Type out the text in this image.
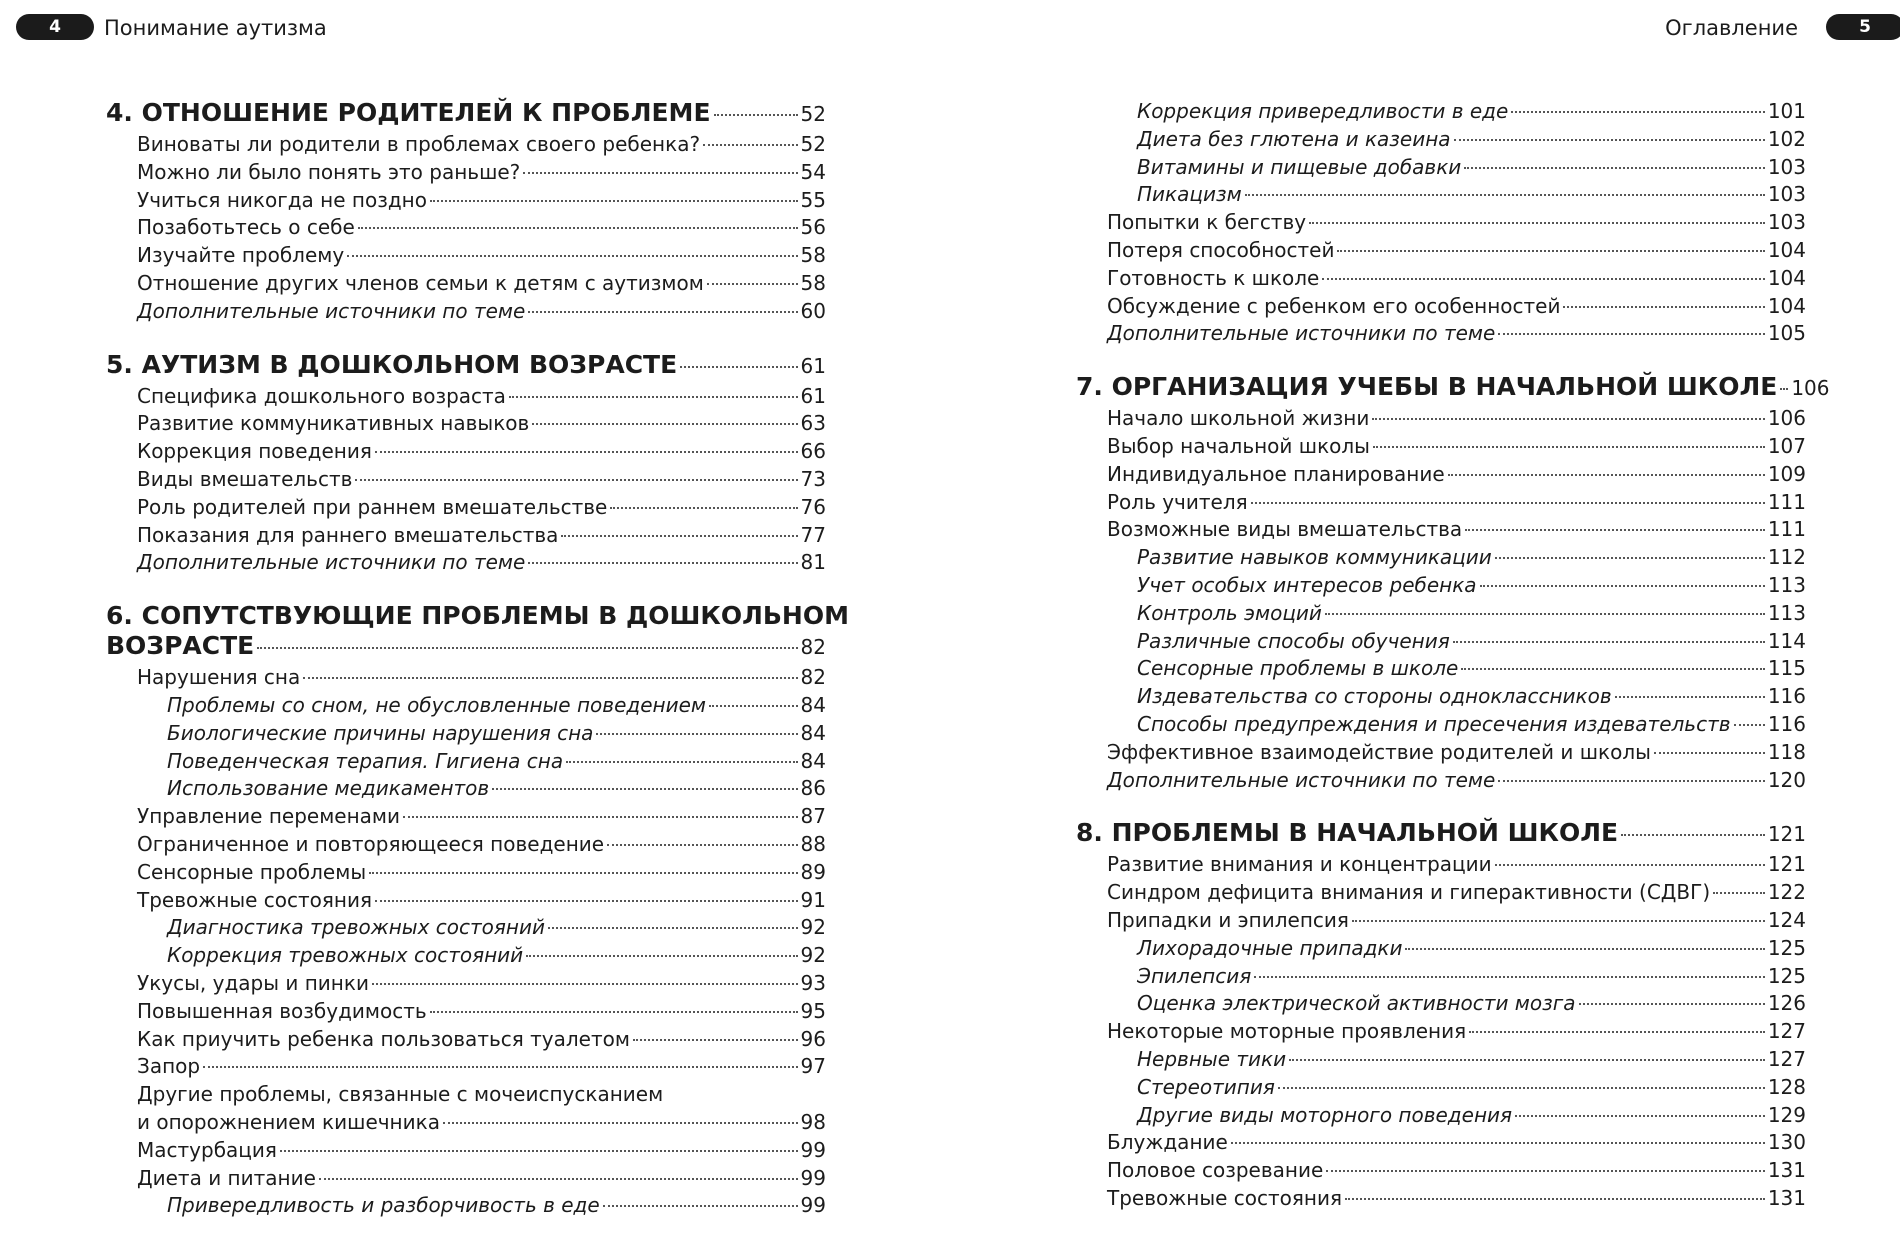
4	Понимание аутизма	Оглавление	5
4. ОТНОШЕНИЕ РОДИТЕЛЕЙ К ПРОБЛЕМЕ	52
Виноваты ли родители в проблемах своего ребенка?	52
Можно ли было понять это раньше?	54
Учиться никогда не поздно	55
Позаботьтесь о себе	56
Изучайте проблему	58
Отношение других членов семьи к детям с аутизмом	58
Дополнительные источники по теме	60
5. АУТИЗМ В ДОШКОЛЬНОМ ВОЗРАСТЕ	61
Специфика дошкольного возраста	61
Развитие коммуникативных навыков	63
Коррекция поведения	66
Виды вмешательств	73
Роль родителей при раннем вмешательстве	76
Показания для раннего вмешательства	77
Дополнительные источники по теме	81
6. СОПУТСТВУЮЩИЕ ПРОБЛЕМЫ В ДОШКОЛЬНОМ
ВОЗРАСТЕ	82
Нарушения сна	82
Проблемы со сном, не обусловленные поведением	84
Биологические причины нарушения сна	84
Поведенческая терапия. Гигиена сна	84
Использование медикаментов	86
Управление переменами	87
Ограниченное и повторяющееся поведение	88
Сенсорные проблемы	89
Тревожные состояния	91
Диагностика тревожных состояний	92
Коррекция тревожных состояний	92
Укусы, удары и пинки	93
Повышенная возбудимость	95
Как приучить ребенка пользоваться туалетом	96
Запор	97
Другие проблемы, связанные с мочеиспусканием
и опорожнением кишечника	98
Мастурбация	99
Диета и питание	99
Привередливость и разборчивость в еде	99
Коррекция привередливости в еде	101
Диета без глютена и казеина	102
Витамины и пищевые добавки	103
Пикацизм	103
Попытки к бегству	103
Потеря способностей	104
Готовность к школе	104
Обсуждение с ребенком его особенностей	104
Дополнительные источники по теме	105
7. ОРГАНИЗАЦИЯ УЧЕБЫ В НАЧАЛЬНОЙ ШКОЛЕ 106
Начало школьной жизни	106
Выбор начальной школы	107
Индивидуальное планирование	109
Роль учителя	111
Возможные виды вмешательства	111
Развитие навыков коммуникации	112
Учет особых интересов ребенка	113
Контроль эмоций	113
Различные способы обучения	114
Сенсорные проблемы в школе	115
Издевательства со стороны одноклассников	116
Способы предупреждения и пресечения издевательств 116
Эффективное взаимодействие родителей и школы	118
Дополнительные источники по теме	120
8. ПРОБЛЕМЫ В НАЧАЛЬНОЙ ШКОЛЕ	121
Развитие внимания и концентрации	121
Синдром дефицита внимания и гиперактивности (СДВГ)	122
Припадки и эпилепсия	124
Лихорадочные припадки	125
Эпилепсия	125
Оценка электрической активности мозга	126
Некоторые моторные проявления	127
Нервные тики	127
Стереотипия	128
Другие виды моторного поведения	129
Блуждание	130
Половое созревание	131
Тревожные состояния	131
